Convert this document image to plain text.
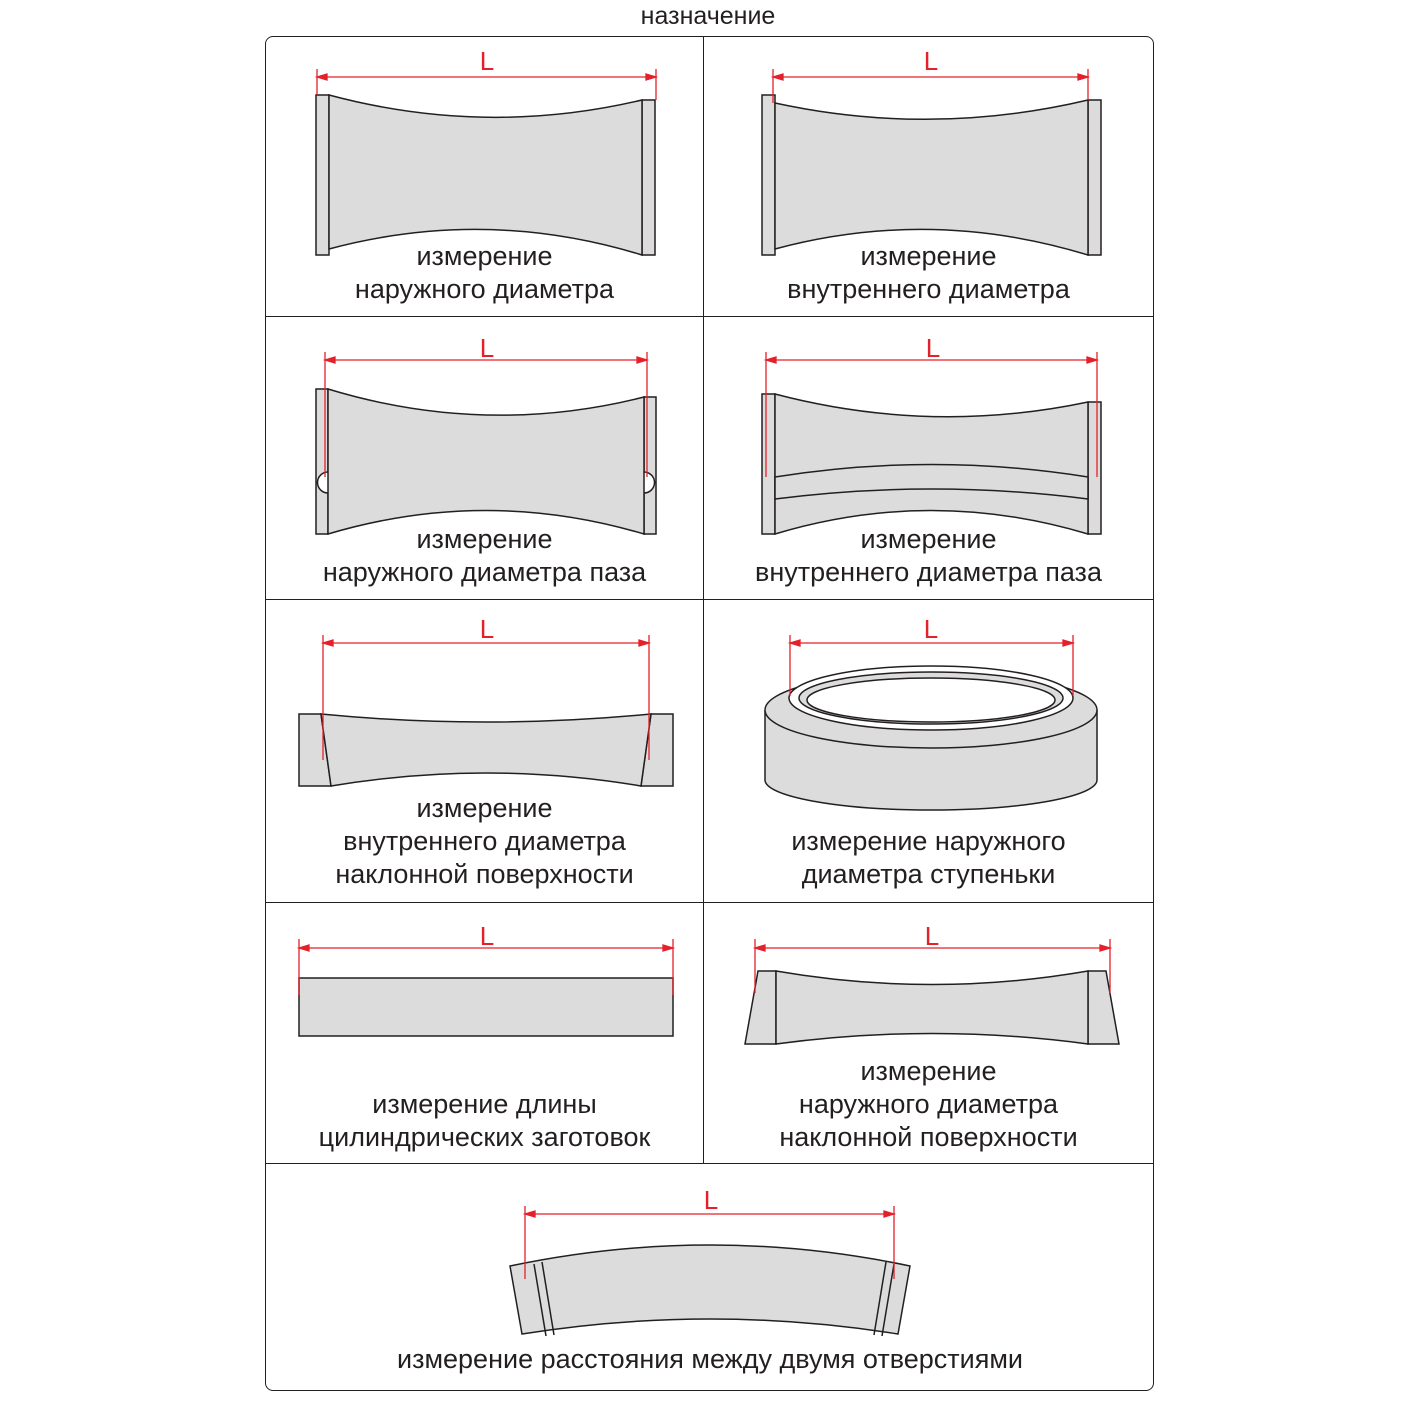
назначение
L
измерение
наружного диаметра
L
измерение
внутреннего диаметра
L
измерение
наружного диаметра паза
L
измерение
внутреннего диаметра паза
L
измерение
внутреннего диаметра
наклонной поверхности
L
измерение наружного
диаметра ступеньки
L
измерение длины
цилиндрических заготовок
L
измерение
наружного диаметра
наклонной поверхности
L
измерение расстояния между двумя отверстиями
